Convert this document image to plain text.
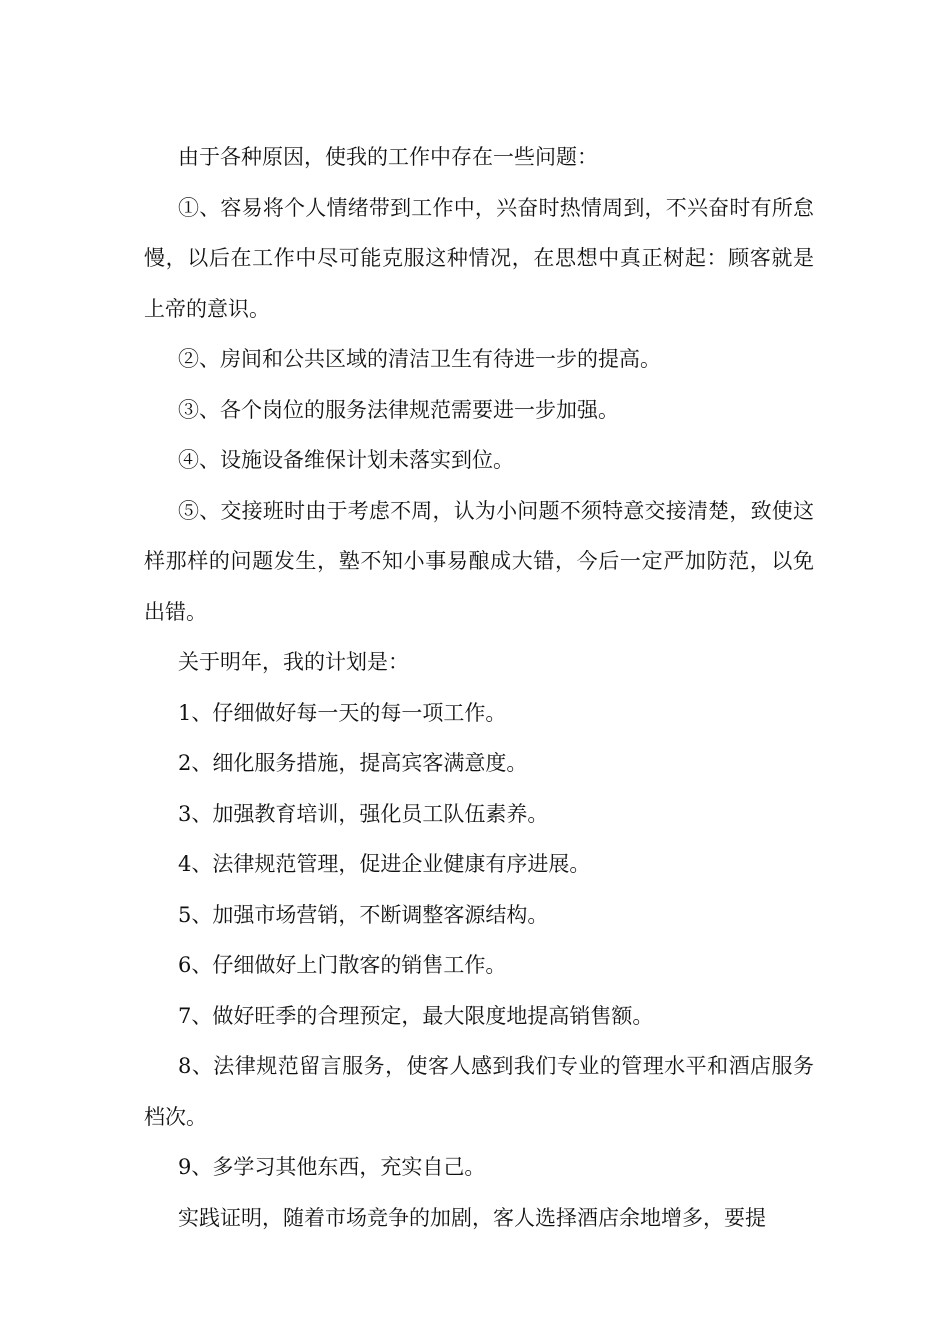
由于各种原因，使我的工作中存在一些问题：

①、容易将个人情绪带到工作中，兴奋时热情周到，不兴奋时有所怠慢，以后在工作中尽可能克服这种情况，在思想中真正树起：顾客就是上帝的意识。

②、房间和公共区域的清洁卫生有待进一步的提高。

③、各个岗位的服务法律规范需要进一步加强。

④、设施设备维保计划未落实到位。

⑤、交接班时由于考虑不周，认为小问题不须特意交接清楚，致使这样那样的问题发生，塾不知小事易酿成大错，今后一定严加防范，以免出错。

关于明年，我的计划是：

1、仔细做好每一天的每一项工作。

2、细化服务措施，提高宾客满意度。

3、加强教育培训，强化员工队伍素养。

4、法律规范管理，促进企业健康有序进展。

5、加强市场营销，不断调整客源结构。

6、仔细做好上门散客的销售工作。

7、做好旺季的合理预定，最大限度地提高销售额。

8、法律规范留言服务，使客人感到我们专业的管理水平和酒店服务档次。

9、多学习其他东西，充实自己。

实践证明，随着市场竞争的加剧，客人选择酒店余地增多，要提
